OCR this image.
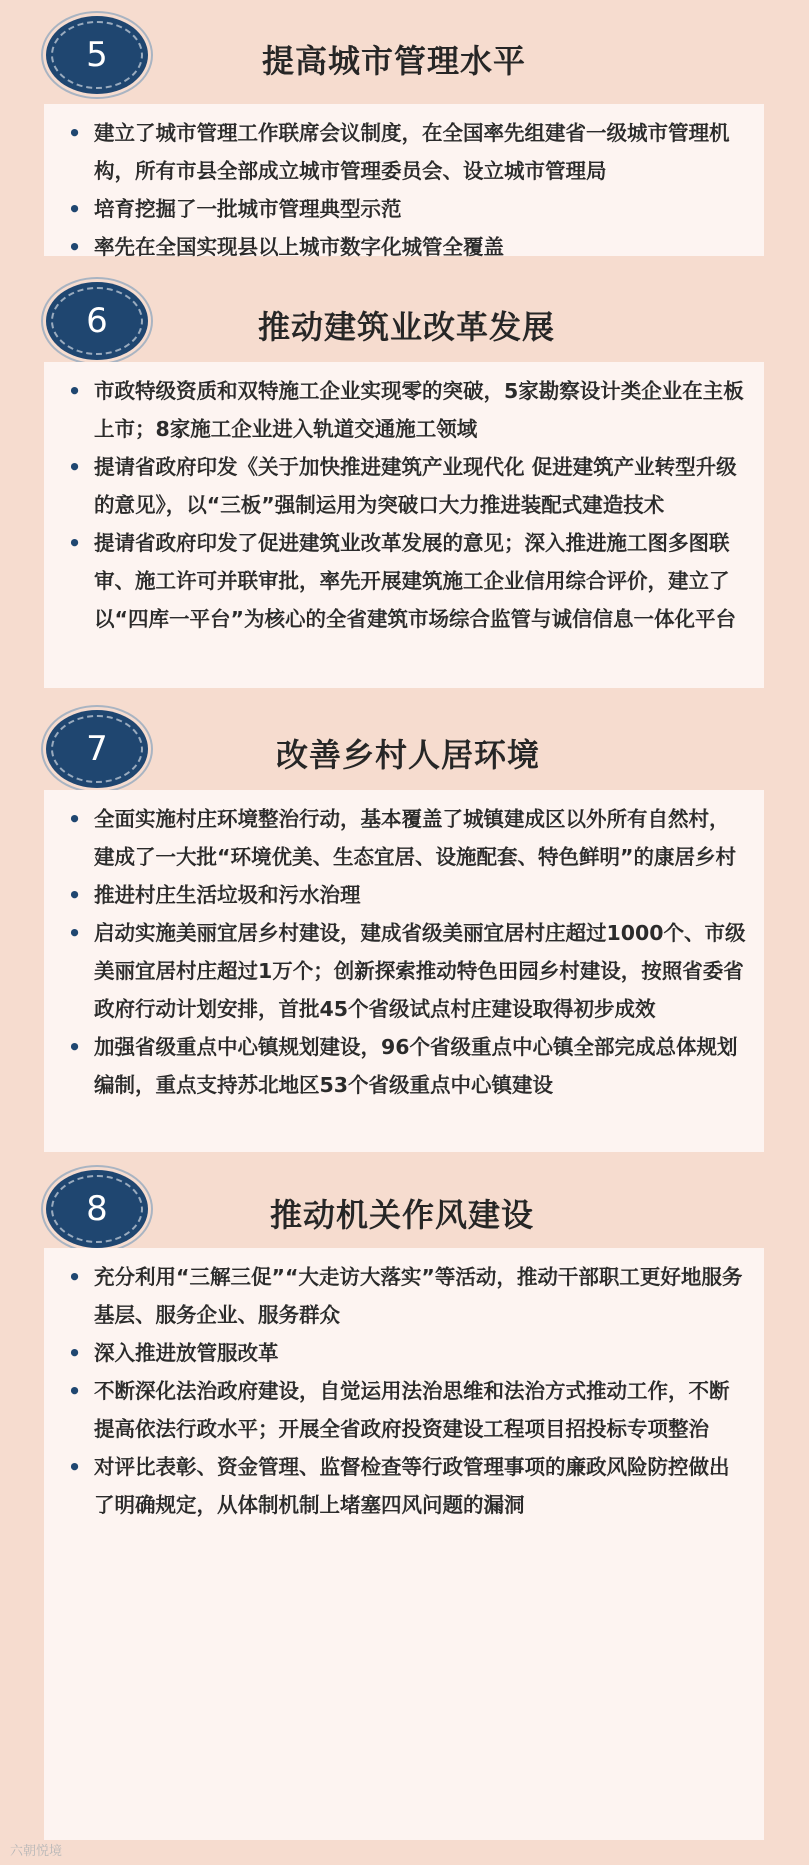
5	提高城市管理水平
• 建立了城市管理工作联席会议制度，在全国率先组建省一级城市管理机构，所有市县全部成立城市管理委员会、设立城市管理局
• 培育挖掘了一批城市管理典型示范
• 率先在全国实现县以上城市数字化城管全覆盖
6	推动建筑业改革发展
• 市政特级资质和双特施工企业实现零的突破，5家勘察设计类企业在主板上市；8家施工企业进入轨道交通施工领域
• 提请省政府印发《关于加快推进建筑产业现代化 促进建筑产业转型升级的意见》，以“三板”强制运用为突破口大力推进装配式建造技术
• 提请省政府印发了促进建筑业改革发展的意见；深入推进施工图多图联审、施工许可并联审批，率先开展建筑施工企业信用综合评价，建立了以“四库一平台”为核心的全省建筑市场综合监管与诚信信息一体化平台
7	改善乡村人居环境
• 全面实施村庄环境整治行动，基本覆盖了城镇建成区以外所有自然村，建成了一大批“环境优美、生态宜居、设施配套、特色鲜明”的康居乡村
• 推进村庄生活垃圾和污水治理
• 启动实施美丽宜居乡村建设，建成省级美丽宜居村庄超过1000个、市级美丽宜居村庄超过1万个；创新探索推动特色田园乡村建设，按照省委省政府行动计划安排，首批45个省级试点村庄建设取得初步成效
• 加强省级重点中心镇规划建设，96个省级重点中心镇全部完成总体规划编制，重点支持苏北地区53个省级重点中心镇建设
8	推动机关作风建设
• 充分利用“三解三促”“大走访大落实”等活动，推动干部职工更好地服务基层、服务企业、服务群众
• 深入推进放管服改革
• 不断深化法治政府建设，自觉运用法治思维和法治方式推动工作，不断提高依法行政水平；开展全省政府投资建设工程项目招投标专项整治
• 对评比表彰、资金管理、监督检查等行政管理事项的廉政风险防控做出了明确规定，从体制机制上堵塞四风问题的漏洞
六朝悦境
